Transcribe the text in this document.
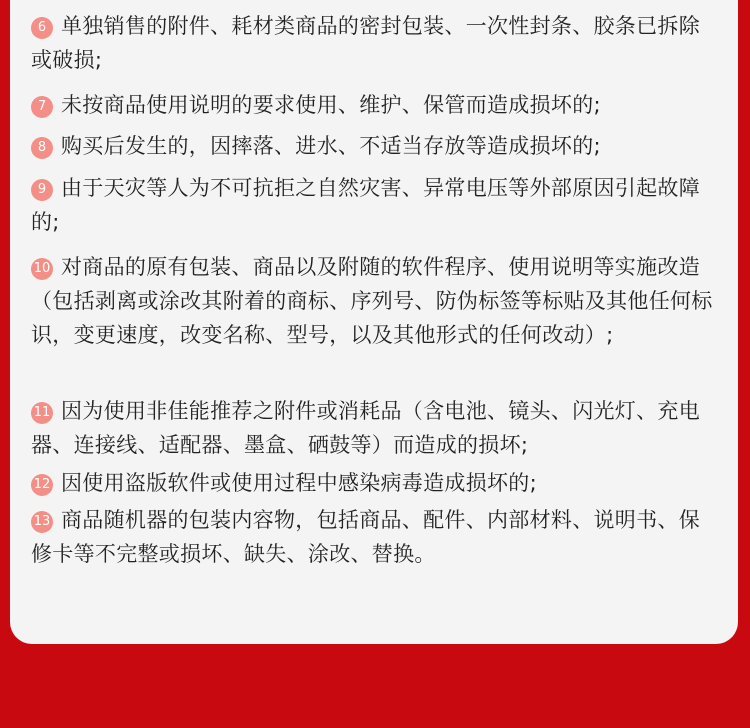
6 单独销售的附件、耗材类商品的密封包装、一次性封条、胶条已拆除或破损;
7 未按商品使用说明的要求使用、维护、保管而造成损坏的;
8 购买后发生的，因摔落、进水、不适当存放等造成损坏的;
9 由于天灾等人为不可抗拒之自然灾害、异常电压等外部原因引起故障的;
10 对商品的原有包装、商品以及附随的软件程序、使用说明等实施改造（包括剥离或涂改其附着的商标、序列号、防伪标签等标贴及其他任何标识，变更速度，改变名称、型号，以及其他形式的任何改动）;
11 因为使用非佳能推荐之附件或消耗品（含电池、镜头、闪光灯、充电器、连接线、适配器、墨盒、硒鼓等）而造成的损坏;
12 因使用盗版软件或使用过程中感染病毒造成损坏的;
13 商品随机器的包装内容物，包括商品、配件、内部材料、说明书、保修卡等不完整或损坏、缺失、涂改、替换。
